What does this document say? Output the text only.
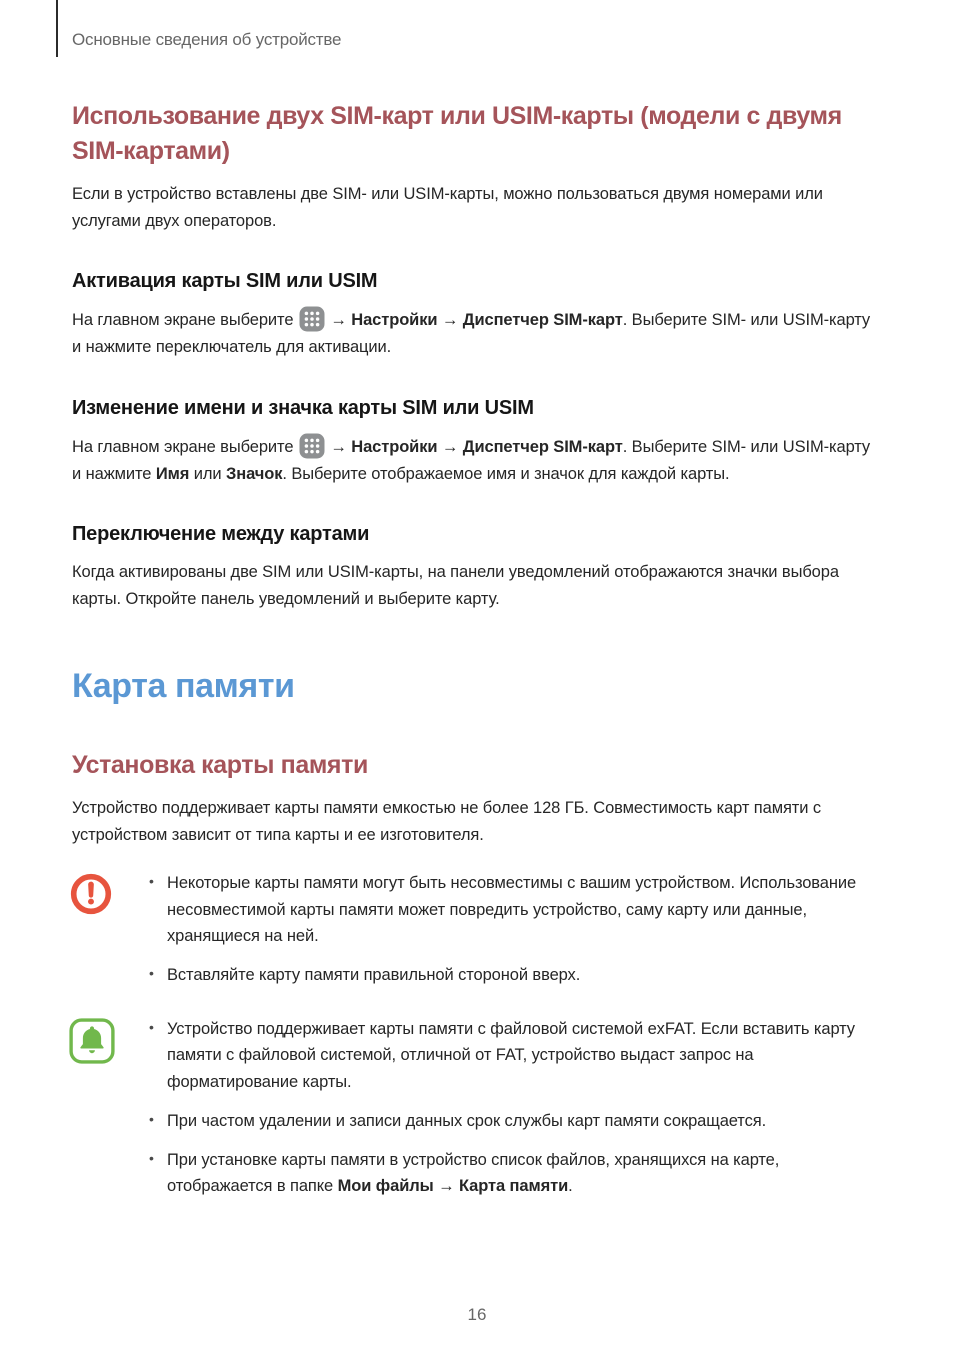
Основные сведения об устройстве
Использование двух SIM-карт или USIM-карты (модели с двумя SIM-картами)

Если в устройство вставлены две SIM- или USIM-карты, можно пользоваться двумя номерами или услугами двух операторов.

Активация карты SIM или USIM

На главном экране выберите  → Настройки → Диспетчер SIM-карт. Выберите SIM- или USIM-карту и нажмите переключатель для активации.

Изменение имени и значка карты SIM или USIM

На главном экране выберите  → Настройки → Диспетчер SIM-карт. Выберите SIM- или USIM-карту и нажмите Имя или Значок. Выберите отображаемое имя и значок для каждой карты.

Переключение между картами

Когда активированы две SIM или USIM-карты, на панели уведомлений отображаются значки выбора карты. Откройте панель уведомлений и выберите карту.

Карта памяти
Установка карты памяти

Устройство поддерживает карты памяти емкостью не более 128 ГБ. Совместимость карт памяти с устройством зависит от типа карты и ее изготовителя.

• Некоторые карты памяти могут быть несовместимы с вашим устройством. Использование несовместимой карты памяти может повредить устройство, саму карту или данные, хранящиеся на ней.
• Вставляйте карту памяти правильной стороной вверх.
• Устройство поддерживает карты памяти с файловой системой exFAT. Если вставить карту памяти с файловой системой, отличной от FAT, устройство выдаст запрос на форматирование карты.
• При частом удалении и записи данных срок службы карт памяти сокращается.
• При установке карты памяти в устройство список файлов, хранящихся на карте, отображается в папке Мои файлы → Карта памяти.
16
